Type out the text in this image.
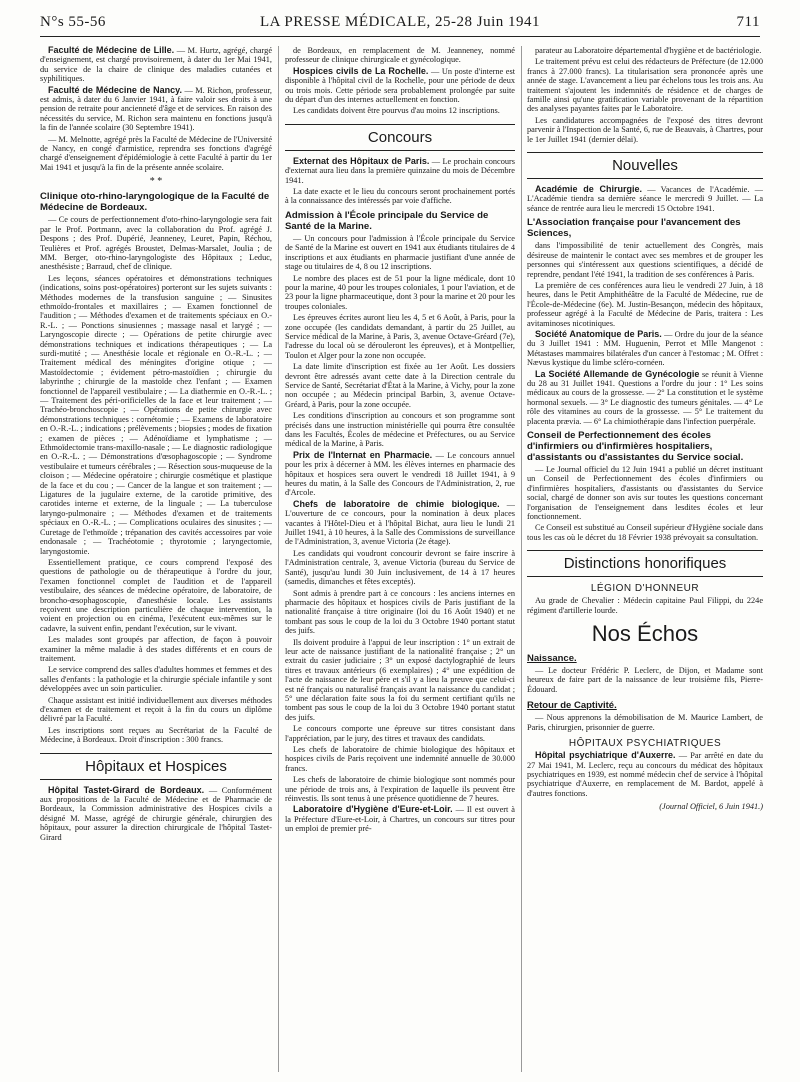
N°s 55-56	LA PRESSE MÉDICALE, 25-28 Juin 1941	711

Faculté de Médecine de Lille. — M. Hurtz, agrégé, chargé d'enseignement, est chargé provisoirement, à dater du 1er Mai 1941, du service de la chaire de clinique des maladies cutanées et syphilitiques.

Faculté de Médecine de Nancy. — M. Richon, professeur, est admis, à dater du 6 Janvier 1941, à faire valoir ses droits à une pension de retraite pour ancienneté d'âge et de services. En raison des nécessités du service, M. Richon sera maintenu en fonctions jusqu'à la fin de l'année scolaire (30 Septembre 1941).

— M. Melnotte, agrégé près la Faculté de Médecine de l'Université de Nancy, en congé d'armistice, reprendra ses fonctions d'agrégé chargé d'enseignement d'épidémiologie à cette Faculté à partir du 1er Mai 1941 et jusqu'à la fin de la présente année scolaire.

* *
Clinique oto-rhino-laryngologique de la Faculté de Médecine de Bordeaux.

— Ce cours de perfectionnement d'oto-rhino-laryngologie sera fait par le Prof. Portmann, avec la collaboration du Prof. agrégé J. Despons ; des Prof. Dupérié, Jeanneney, Leuret, Papin, Réchou, Teulières et Prof. agrégés Broustet, Delmas-Marsalet, Joulia ; de MM. Berger, oto-rhino-laryngologiste des Hôpitaux ; Leduc, anesthésiste ; Barraud, chef de clinique.

Les leçons, séances opératoires et démonstrations techniques (indications, soins post-opératoires) porteront sur les sujets suivants : Méthodes modernes de la transfusion sanguine ; — Sinusites ethmoïdo-frontales et maxillaires ; — Examen fonctionnel de l'audition ; — Méthodes d'examen et de traitements spéciaux en O.-R.-L. ; — Ponctions sinusiennes ; massage nasal et larygé ; — Laryngoscopie directe ; — Opérations de petite chirurgie avec démonstrations techniques et indications thérapeutiques ; — La surdi-mutité ; — Anesthésie locale et régionale en O.-R.-L. ; — Traitement médical des méningites d'origine otique ; — Mastoïdectomie ; évidement pétro-mastoïdien ; chirurgie du labyrinthe ; chirurgie de la mastoïde chez l'enfant ; — Examen fonctionnel de l'appareil vestibulaire ; — La diathermie en O.-R.-L. ; — Traitement des péri-orificielles de la face et leur traitement ; — Trachéo-bronchoscopie ; — Opérations de petite chirurgie avec démonstrations techniques : cornétomie ; — Examens de laboratoire en O.-R.-L. ; indications ; prélèvements ; biopsies ; modes de fixation ; examen de pièces ; — Adénoïdiame et lymphatisme ; — Ethmoïdectomie trans-maxillo-nasale ; — Le diagnostic radiologique en O.-R.-L. ; — Démonstrations d'œsophagoscopie ; — Syndrome vestibulaire et tumeurs cérébrales ; — Résection sous-muqueuse de la cloison ; — Médecine opératoire ; chirurgie cosmétique et plastique de la face et du cou ; — Cancer de la langue et son traitement ; — Ligatures de la jugulaire externe, de la carotide primitive, des carotides interne et externe, de la linguale ; — La tuberculose laryngo-pulmonaire ; — Méthodes d'examen et de traitements spéciaux en O.-R.-L. ; — Complications oculaires des sinusites ; — Curetage de l'ethmoïde ; trépanation des cavités accessoires par voie endonasale ; — Trachéotomie ; thyrotomie ; laryngectomie, laryngostomie.

Essentiellement pratique, ce cours comprend l'exposé des questions de pathologie ou de thérapeutique à l'ordre du jour, l'examen fonctionnel complet de l'audition et de l'appareil vestibulaire, des séances de médecine opératoire, de laboratoire, de broncho-œsophagoscopie, d'anesthésie locale. Les assistants reçoivent une description particulière de chaque intervention, la voient en projection ou en cinéma, l'exécutent eux-mêmes sur le cadavre, la suivent enfin, pendant l'exécution, sur le vivant.

Les malades sont groupés par affection, de façon à pouvoir examiner la même maladie à des stades différents et en cours de traitement.

Le service comprend des salles d'adultes hommes et femmes et des salles d'enfants : la pathologie et la chirurgie spéciale infantile y sont développées avec un soin particulier.

Chaque assistant est initié individuellement aux diverses méthodes d'examen et de traitement et reçoit à la fin du cours un diplôme délivré par la Faculté.

Les inscriptions sont reçues au Secrétariat de la Faculté de Médecine, à Bordeaux. Droit d'inscription : 300 francs.

Hôpitaux et Hospices

Hôpital Tastet-Girard de Bordeaux. — Conformément aux propositions de la Faculté de Médecine et de Pharmacie de Bordeaux, la Commission administrative des Hospices civils a désigné M. Masse, agrégé de chirurgie générale, chirurgien des hôpitaux, pour assurer la direction chirurgicale de l'hôpital Tastet-Girard

de Bordeaux, en remplacement de M. Jeanneney, nommé professeur de clinique chirurgicale et gynécologique.

Hospices civils de La Rochelle. — Un poste d'interne est disponible à l'hôpital civil de la Rochelle, pour une période de deux ou trois mois. Cette période sera probablement prolongée par suite du départ d'un des internes actuellement en fonction.

Les candidats doivent être pourvus d'au moins 12 inscriptions.

Concours

Externat des Hôpitaux de Paris. — Le prochain concours d'externat aura lieu dans la première quinzaine du mois de Décembre 1941.

La date exacte et le lieu du concours seront prochainement portés à la connaissance des intéressés par voie d'affiche.

Admission à l'École principale du Service de Santé de la Marine.

— Un concours pour l'admission à l'École principale du Service de Santé de la Marine est ouvert en 1941 aux étudiants titulaires de 4 inscriptions et aux étudiants en pharmacie justifiant d'une année de stage ou titulaires de 4, 8 ou 12 inscriptions.

Le nombre des places est de 51 pour la ligne médicale, dont 10 pour la marine, 40 pour les troupes coloniales, 1 pour l'aviation, et de 23 pour la ligne pharmaceutique, dont 3 pour la marine et 20 pour les troupes coloniales.

Les épreuves écrites auront lieu les 4, 5 et 6 Août, à Paris, pour la zone occupée (les candidats demandant, à partir du 25 Juillet, au Service médical de la Marine, à Paris, 3, avenue Octave-Gréard (7e), l'adresse du local où se dérouleront les épreuves), et à Montpellier, Toulon et Alger pour la zone non occupée.

La date limite d'inscription est fixée au 1er Août. Les dossiers devront être adressés avant cette date à la Direction centrale du Service de Santé, Secrétariat d'État à la Marine, à Vichy, pour la zone non occupée ; au Médecin principal Barbin, 3, avenue Octave-Gréard, à Paris, pour la zone occupée.

Les conditions d'inscription au concours et son programme sont précisés dans une instruction ministérielle qui pourra être consultée dans les Facultés, Écoles de médecine et Préfectures, ou au Service médical de la Marine, à Paris.

Prix de l'Internat en Pharmacie. — Le concours annuel pour les prix à décerner à MM. les élèves internes en pharmacie des hôpitaux et hospices sera ouvert le vendredi 18 Juillet 1941, à 9 heures du matin, à la Salle des Concours de l'Administration, 2, rue d'Arcole.

Chefs de laboratoire de chimie biologique. — L'ouverture de ce concours, pour la nomination à deux places vacantes à l'Hôtel-Dieu et à l'hôpital Bichat, aura lieu le lundi 21 Juillet 1941, à 10 heures, à la Salle des Commissions de surveillance de l'Administration, 3, avenue Victoria (2e étage).

Les candidats qui voudront concourir devront se faire inscrire à l'Administration centrale, 3, avenue Victoria (bureau du Service de Santé), jusqu'au lundi 30 Juin inclusivement, de 14 à 17 heures (samedis, dimanches et fêtes exceptés).

Sont admis à prendre part à ce concours : les anciens internes en pharmacie des hôpitaux et hospices civils de Paris justifiant de la nationalité française à titre originaire (loi du 16 Août 1940) et ne tombant pas sous le coup de la loi du 3 Octobre 1940 portant statut des juifs.

Ils doivent produire à l'appui de leur inscription : 1° un extrait de leur acte de naissance justifiant de la nationalité française ; 2° un extrait du casier judiciaire ; 3° un exposé dactylographié de leurs titres et travaux antérieurs (6 exemplaires) ; 4° une expédition de l'acte de naissance de leur père et s'il y a lieu la preuve que celui-ci est né français ou naturalisé français avant la naissance du candidat ; 5° une déclaration faite sous la foi du serment certifiant qu'ils ne tombent pas sous le coup de la loi du 3 Octobre 1940 portant statut des juifs.

Le concours comporte une épreuve sur titres consistant dans l'appréciation, par le jury, des titres et travaux des candidats.

Les chefs de laboratoire de chimie biologique des hôpitaux et hospices civils de Paris reçoivent une indemnité annuelle de 30.000 francs.

Les chefs de laboratoire de chimie biologique sont nommés pour une période de trois ans, à l'expiration de laquelle ils peuvent être réinvestis. Ils sont tenus à une présence quotidienne de 7 heures.

Laboratoire d'Hygiène d'Eure-et-Loir. — Il est ouvert à la Préfecture d'Eure-et-Loir, à Chartres, un concours sur titres pour un emploi de premier pré-

parateur au Laboratoire départemental d'hygiène et de bactériologie.

Le traitement prévu est celui des rédacteurs de Préfecture (de 12.000 francs à 27.000 francs). La titularisation sera prononcée après une année de stage. L'avancement a lieu par échelons tous les trois ans. Au traitement s'ajoutent les indemnités de résidence et de charges de famille ainsi qu'une gratification variable provenant de la répartition des analyses payantes faites par le Laboratoire.

Les candidatures accompagnées de l'exposé des titres devront parvenir à l'Inspection de la Santé, 6, rue de Beauvais, à Chartres, pour le 1er Juillet 1941 (dernier délai).

Nouvelles

Académie de Chirurgie. — Vacances de l'Académie. — L'Académie tiendra sa dernière séance le mercredi 9 Juillet. — La séance de rentrée aura lieu le mercredi 15 Octobre 1941.

L'Association française pour l'avancement des Sciences,

dans l'impossibilité de tenir actuellement des Congrès, mais désireuse de maintenir le contact avec ses membres et de grouper les personnes qui s'intéressent aux questions scientifiques, a décidé de reprendre, pendant l'été 1941, la tradition de ses conférences à Paris.

La première de ces conférences aura lieu le vendredi 27 Juin, à 18 heures, dans le Petit Amphithéâtre de la Faculté de Médecine, rue de l'École-de-Médecine (6e). M. Justin-Besançon, médecin des hôpitaux, professeur agrégé à la Faculté de Médecine de Paris, traitera : Les avitaminoses nicotiniques.

Société Anatomique de Paris. — Ordre du jour de la séance du 3 Juillet 1941 : MM. Huguenin, Perrot et Mlle Mangenot : Métastases mammaires bilatérales d'un cancer à l'estomac ; M. Offret : Nævus kystique du limbe scléro-cornéen.

La Société Allemande de Gynécologie se réunit à Vienne du 28 au 31 Juillet 1941. Questions a l'ordre du jour : 1° Les soins médicaux au cours de la grossesse. — 2° La constitution et le système hormonal sexuels. — 3° Le diagnostic des tumeurs génitales. — 4° Le rôle des vitamines au cours de la grossesse. — 5° Le traitement du placenta prævia. — 6° La chimiothérapie dans l'infection puerpérale.

Conseil de Perfectionnement des écoles d'infirmiers ou d'infirmières hospitaliers, d'assistants ou d'assistantes du Service social.

— Le Journal officiel du 12 Juin 1941 a publié un décret instituant un Conseil de Perfectionnement des écoles d'infirmiers ou d'infirmières hospitaliers, d'assistants ou d'assistantes du Service social, chargé de donner son avis sur toutes les questions concernant l'organisation de l'enseignement dans lesdites écoles et leur fonctionnement.

Ce Conseil est substitué au Conseil supérieur d'Hygiène sociale dans tous les cas où le décret du 18 Février 1938 prévoyait sa consultation.

Distinctions honorifiques
LÉGION D'HONNEUR

Au grade de Chevalier : Médecin capitaine Paul Filippi, du 224e régiment d'artillerie lourde.

Nos Échos
Naissance.

— Le docteur Frédéric P. Leclerc, de Dijon, et Madame sont heureux de faire part de la naissance de leur troisième fils, Pierre-Édouard.

Retour de Captivité.

— Nous apprenons la démobilisation de M. Maurice Lambert, de Paris, chirurgien, prisonnier de guerre.

HÔPITAUX PSYCHIATRIQUES

Hôpital psychiatrique d'Auxerre. — Par arrêté en date du 27 Mai 1941, M. Leclerc, reçu au concours du médicat des hôpitaux psychiatriques en 1939, est nommé médecin chef de service à l'hôpital psychiatrique d'Auxerre, en remplacement de M. Bardot, appelé à d'autres fonctions.

(Journal Officiel, 6 Juin 1941.)
